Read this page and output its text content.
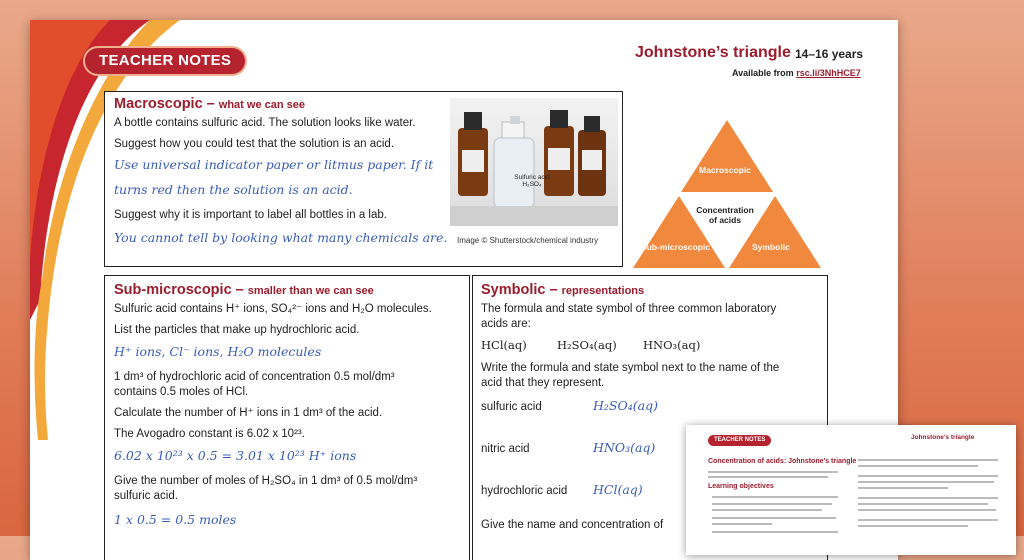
TEACHER NOTES	Johnstone’s triangle 14–16 years
Available from rsc.li/3NhHCE7
Macroscopic – what we can see
A bottle contains sulfuric acid. The solution looks like water.
Suggest how you could test that the solution is an acid.
Use universal indicator paper or litmus paper. If it
turns red then the solution is an acid.
Suggest why it is important to label all bottles in a lab.
You cannot tell by looking what many chemicals are.
Sulfuric acid
H₂SO₄
Image © Shutterstock/chemical industry
Sub-microscopic – smaller than we can see
Sulfuric acid contains H⁺ ions, SO₄²⁻ ions and H₂O molecules.
List the particles that make up hydrochloric acid.
H⁺ ions, Cl⁻ ions, H₂O molecules
1 dm³ of hydrochloric acid of concentration 0.5 mol/dm³
contains 0.5 moles of HCl.
Calculate the number of H⁺ ions in 1 dm³ of the acid.
The Avogadro constant is 6.02 x 10²³.
6.02 x 10²³ x 0.5 = 3.01 x 10²³ H⁺ ions
Give the number of moles of H₂SO₄ in 1 dm³ of 0.5 mol/dm³
sulfuric acid.
1 x 0.5 = 0.5 moles
Symbolic – representations
The formula and state symbol of three common laboratory
acids are:
HCl(aq)	H₂SO₄(aq) HNO₃(aq)
Write the formula and state symbol next to the name of the
acid that they represent.
sulfuric acid	H₂SO₄(aq)
nitric acid	HNO₃(aq)
hydrochloric acid HCl(aq)
Give the name and concentration of
Macroscopic
Concentration
of acids
Sub-microscopic	Symbolic
TEACHER NOTES	Johnstone’s triangle
Concentration of acids: Johnstone’s triangle
Learning objectives
